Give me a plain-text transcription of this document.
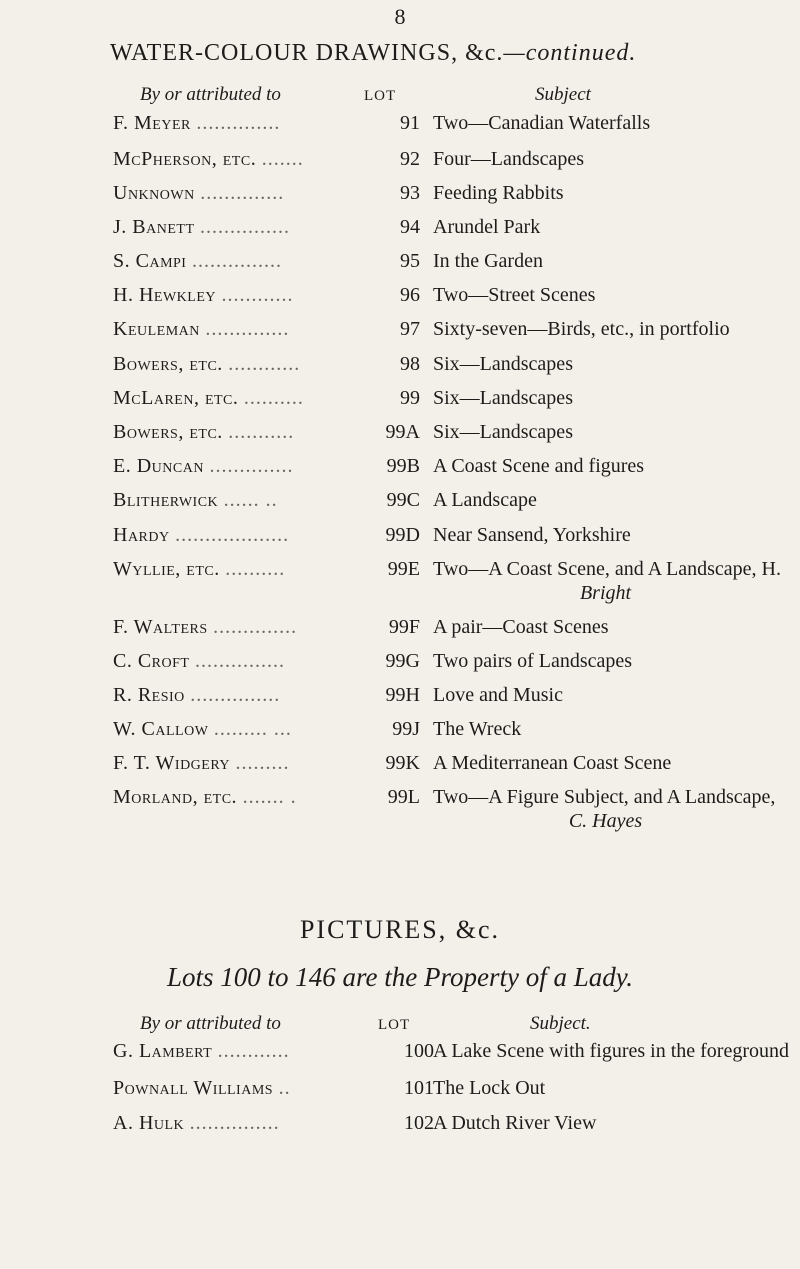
8
WATER-COLOUR DRAWINGS, &c.—continued.
By or attributed to	LOT	Subject
F. Meyer ..............	91 Two—Canadian Waterfalls
McPherson, etc. .......	92 Four—Landscapes
Unknown ..............	93 Feeding Rabbits
J. Banett ...............	94 Arundel Park
S. Campi ...............	95 In the Garden
H. Hewkley ............	96 Two—Street Scenes
Keuleman ..............	97 Sixty-seven—Birds, etc., in portfolio
Bowers, etc. ............	98 Six—Landscapes
McLaren, etc. ..........	99 Six—Landscapes
Bowers, etc. ...........	99A Six—Landscapes
E. Duncan ..............	99B A Coast Scene and figures
Blitherwick ...... ..	99C A Landscape
Hardy ...................	99D Near Sansend, Yorkshire
Wyllie, etc. ..........	99E Two—A Coast Scene, and A Landscape, H.
Bright
F. Walters ..............	99F A pair—Coast Scenes
C. Croft ...............	99G Two pairs of Landscapes
R. Resio ...............	99H Love and Music
W. Callow ......... ...	99J The Wreck
F. T. Widgery .........	99K A Mediterranean Coast Scene
Morland, etc. ....... .	99L Two—A Figure Subject, and A Landscape,
C. Hayes
PICTURES, &c.
Lots 100 to 146 are the Property of a Lady.
By or attributed to	LOT	Subject.
G. Lambert ............	100 A Lake Scene with figures in the foreground
Pownall Williams ..	101 The Lock Out
A. Hulk ...............	102 A Dutch River View
